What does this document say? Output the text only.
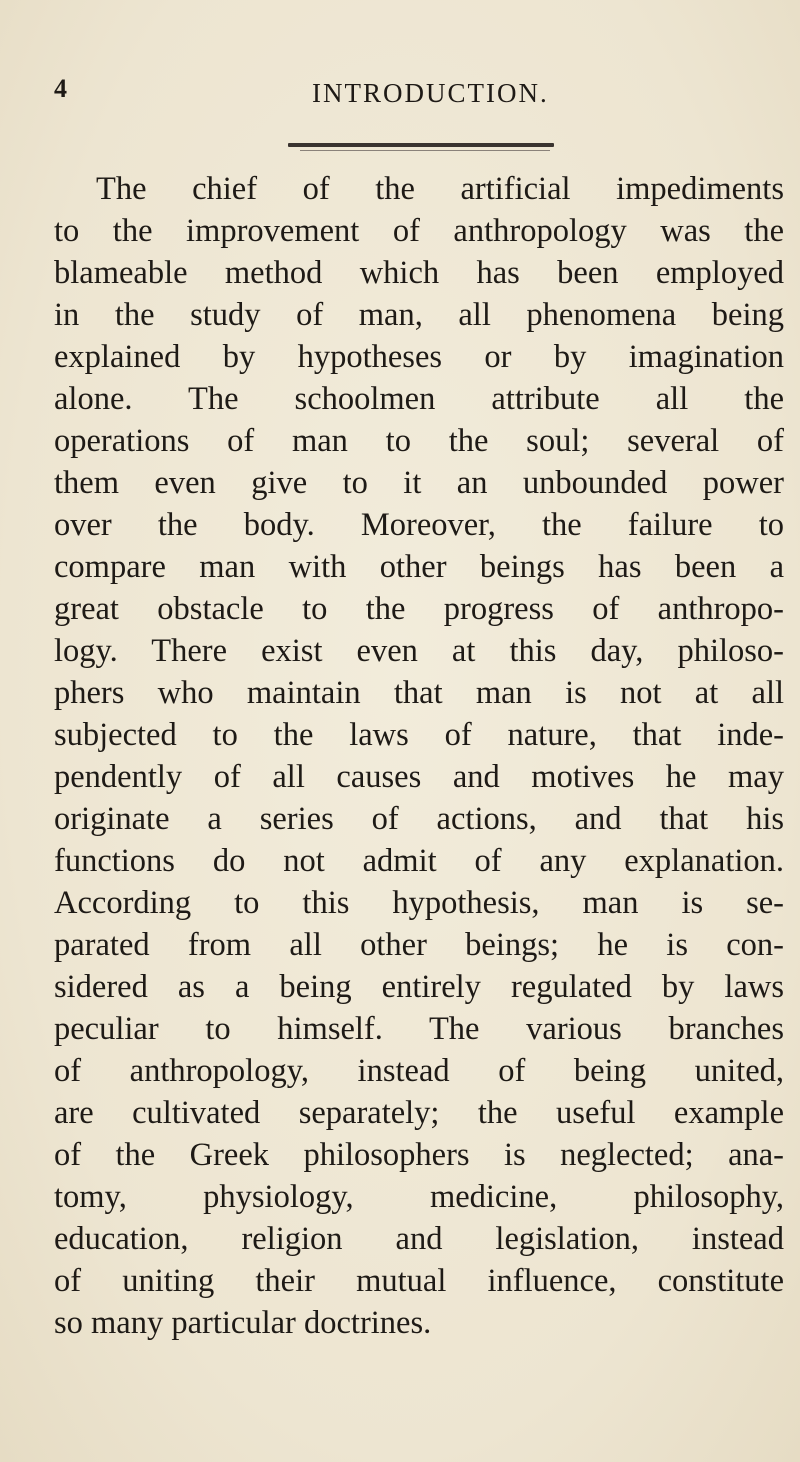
4	INTRODUCTION.
The chief of the artificial impediments
to the improvement of anthropology was the
blameable method which has been employed
in the study of man, all phenomena being
explained by hypotheses or by imagination
alone. The schoolmen attribute all the
operations of man to the soul; several of
them even give to it an unbounded power
over the body. Moreover, the failure to
compare man with other beings has been a
great obstacle to the progress of anthropo-
logy. There exist even at this day, philoso-
phers who maintain that man is not at all
subjected to the laws of nature, that inde-
pendently of all causes and motives he may
originate a series of actions, and that his
functions do not admit of any explanation.
According to this hypothesis, man is se-
parated from all other beings; he is con-
sidered as a being entirely regulated by laws
peculiar to himself. The various branches
of anthropology, instead of being united,
are cultivated separately; the useful example
of the Greek philosophers is neglected; ana-
tomy, physiology, medicine, philosophy,
education, religion and legislation, instead
of uniting their mutual influence, constitute
so many particular doctrines.
